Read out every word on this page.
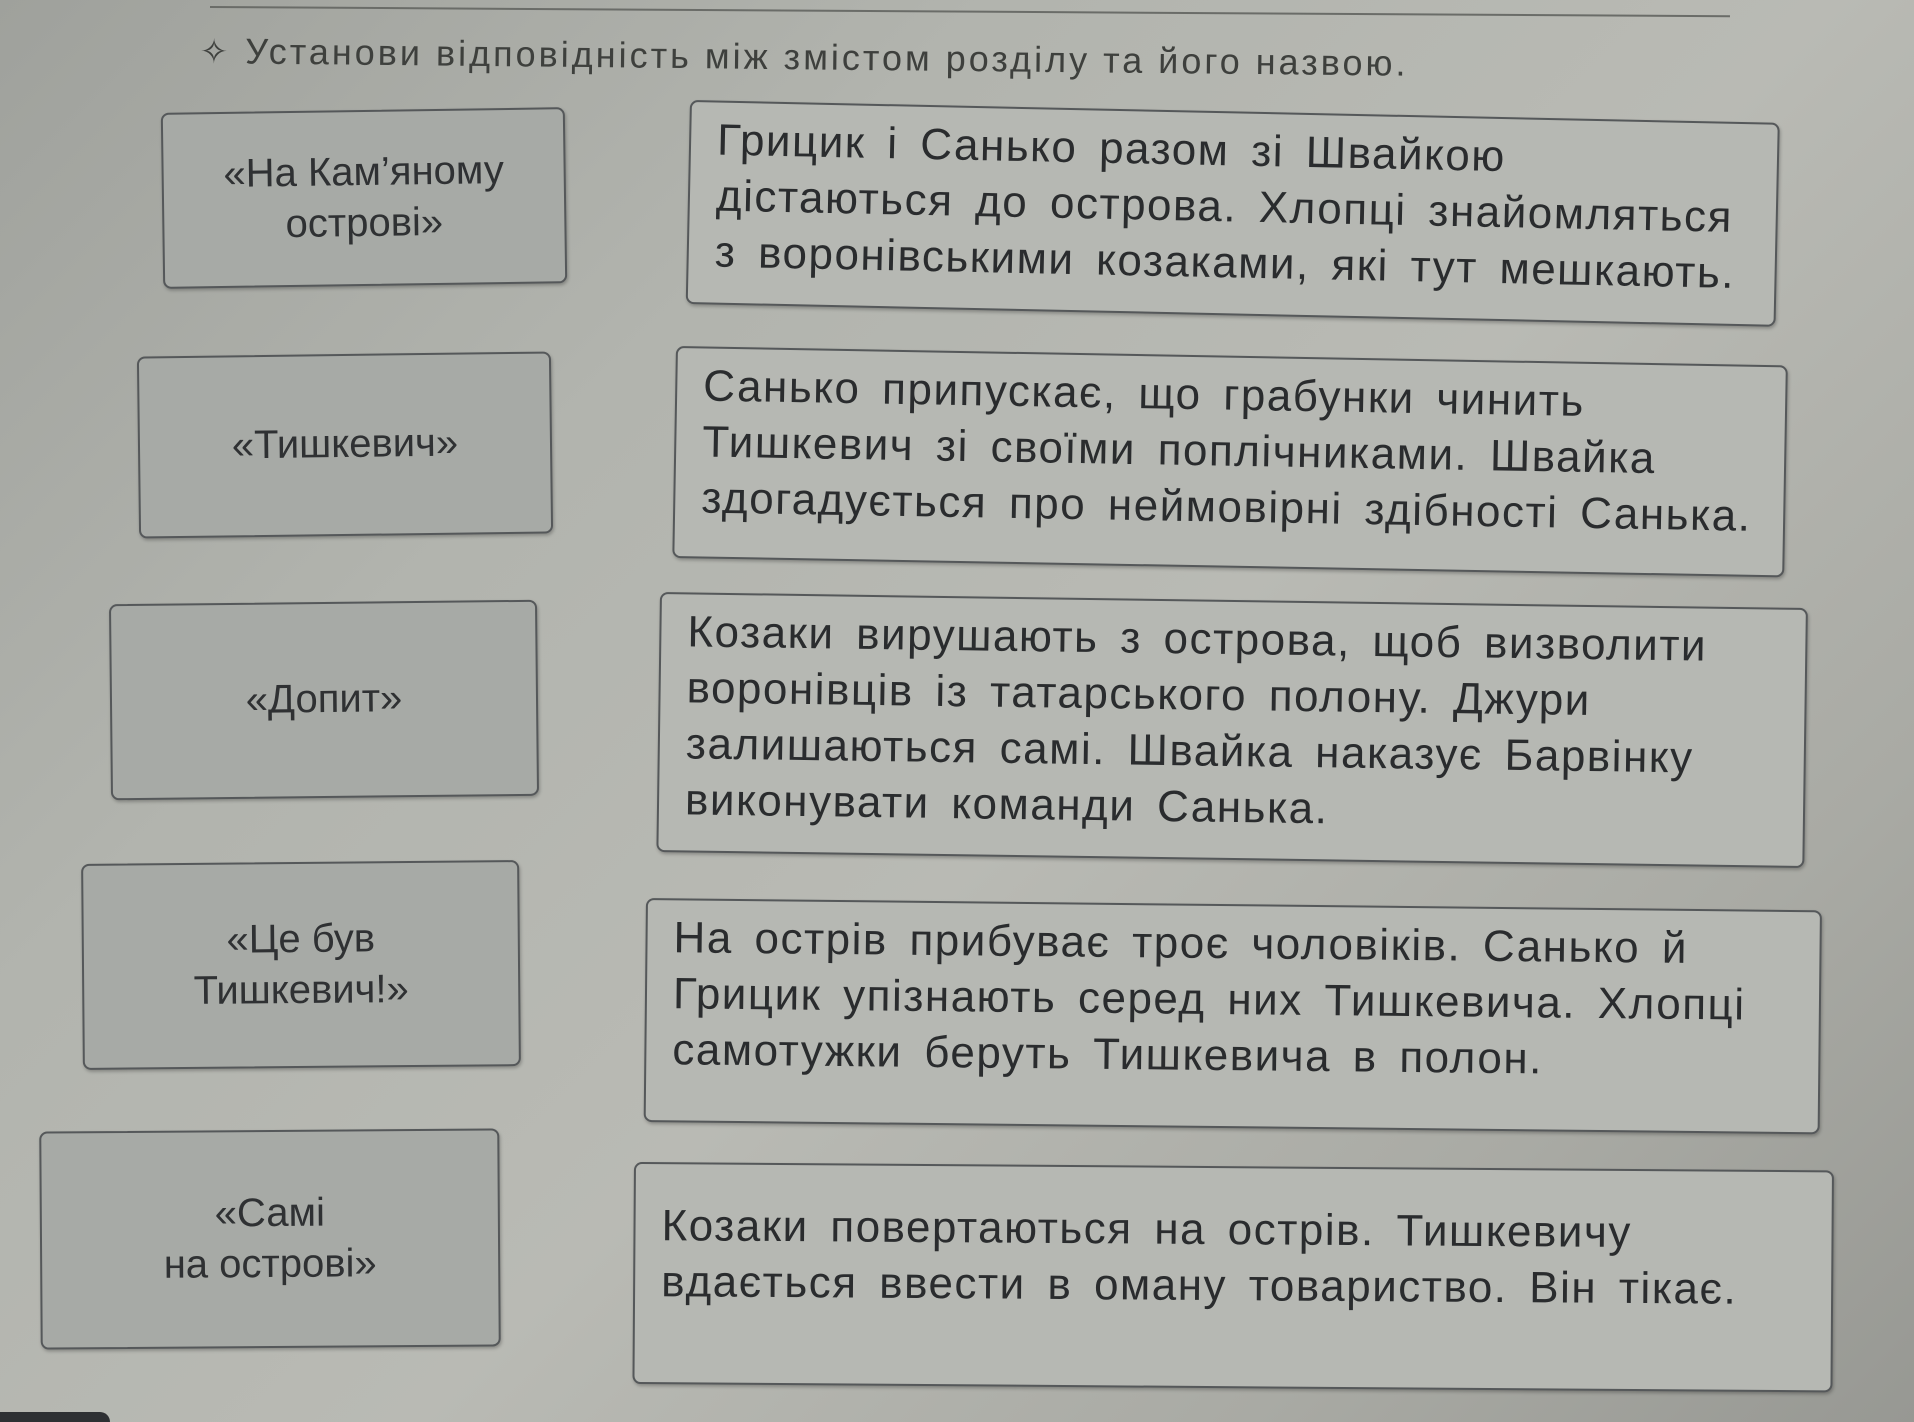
✧ Установи відповідність між змістом розділу та його назвою.
«На Кам’яному
острові»
«Тишкевич»
«Допит»
«Це був
Тишкевич!»
«Самі
на острові»
Грицик і Санько разом зі Швайкою дістаються до острова. Хлопці знайомляться з воронівськими козаками, які тут мешкають.
Санько припускає, що грабунки чинить Тишкевич зі своїми поплічниками. Швайка здогадується про неймовірні здібності Санька.
Козаки вирушають з острова, щоб визволити воронівців із татарського полону. Джури залишаються самі. Швайка наказує Барвінку виконувати команди Санька.
На острів прибуває троє чоловіків. Санько й Грицик упізнають серед них Тишкевича. Хлопці самотужки беруть Тишкевича в полон.
Козаки повертаються на острів. Тишкевичу вдається ввести в оману товариство. Він тікає.
